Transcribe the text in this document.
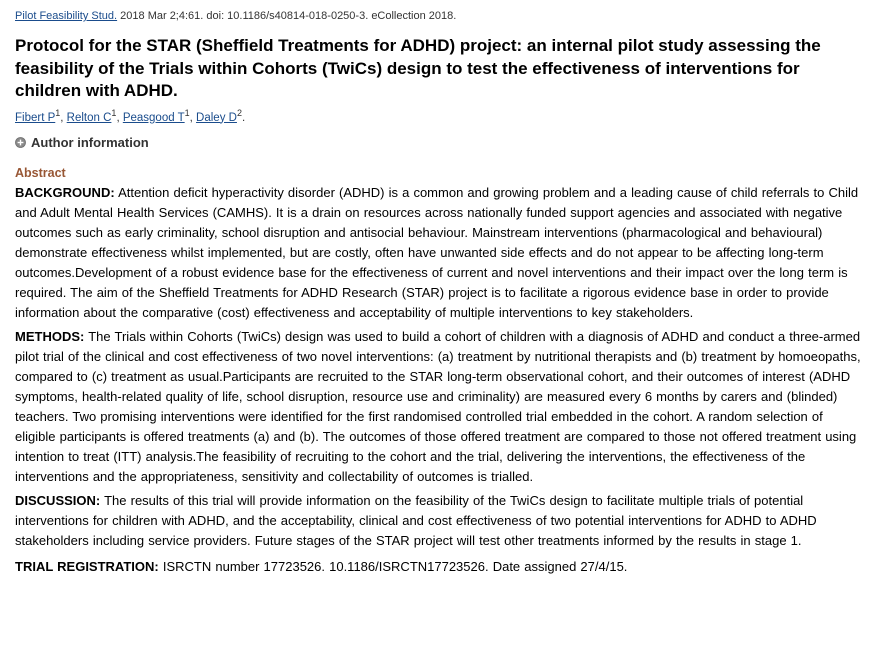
Pilot Feasibility Stud. 2018 Mar 2;4:61. doi: 10.1186/s40814-018-0250-3. eCollection 2018.
Protocol for the STAR (Sheffield Treatments for ADHD) project: an internal pilot study assessing the feasibility of the Trials within Cohorts (TwiCs) design to test the effectiveness of interventions for children with ADHD.
Fibert $P^1$, Relton $C^1$, Peasgood $T^1$, Daley $D^2$.
Author information
Abstract

BACKGROUND: Attention deficit hyperactivity disorder (ADHD) is a common and growing problem and a leading cause of child referrals to Child and Adult Mental Health Services (CAMHS). It is a drain on resources across nationally funded support agencies and associated with negative outcomes such as early criminality, school disruption and antisocial behaviour. Mainstream interventions (pharmacological and behavioural) demonstrate effectiveness whilst implemented, but are costly, often have unwanted side effects and do not appear to be affecting long-term outcomes.Development of a robust evidence base for the effectiveness of current and novel interventions and their impact over the long term is required. The aim of the Sheffield Treatments for ADHD Research (STAR) project is to facilitate a rigorous evidence base in order to provide information about the comparative (cost) effectiveness and acceptability of multiple interventions to key stakeholders.

METHODS: The Trials within Cohorts (TwiCs) design was used to build a cohort of children with a diagnosis of ADHD and conduct a three-armed pilot trial of the clinical and cost effectiveness of two novel interventions: (a) treatment by nutritional therapists and (b) treatment by homoeopaths, compared to (c) treatment as usual.Participants are recruited to the STAR long-term observational cohort, and their outcomes of interest (ADHD symptoms, health-related quality of life, school disruption, resource use and criminality) are measured every 6 months by carers and (blinded) teachers. Two promising interventions were identified for the first randomised controlled trial embedded in the cohort. A random selection of eligible participants is offered treatments (a) and (b). The outcomes of those offered treatment are compared to those not offered treatment using intention to treat (ITT) analysis.The feasibility of recruiting to the cohort and the trial, delivering the interventions, the effectiveness of the interventions and the appropriateness, sensitivity and collectability of outcomes is trialled.

DISCUSSION: The results of this trial will provide information on the feasibility of the TwiCs design to facilitate multiple trials of potential interventions for children with ADHD, and the acceptability, clinical and cost effectiveness of two potential interventions for ADHD to ADHD stakeholders including service providers. Future stages of the STAR project will test other treatments informed by the results in stage 1.

TRIAL REGISTRATION: ISRCTN number 17723526. 10.1186/ISRCTN17723526. Date assigned 27/4/15.
